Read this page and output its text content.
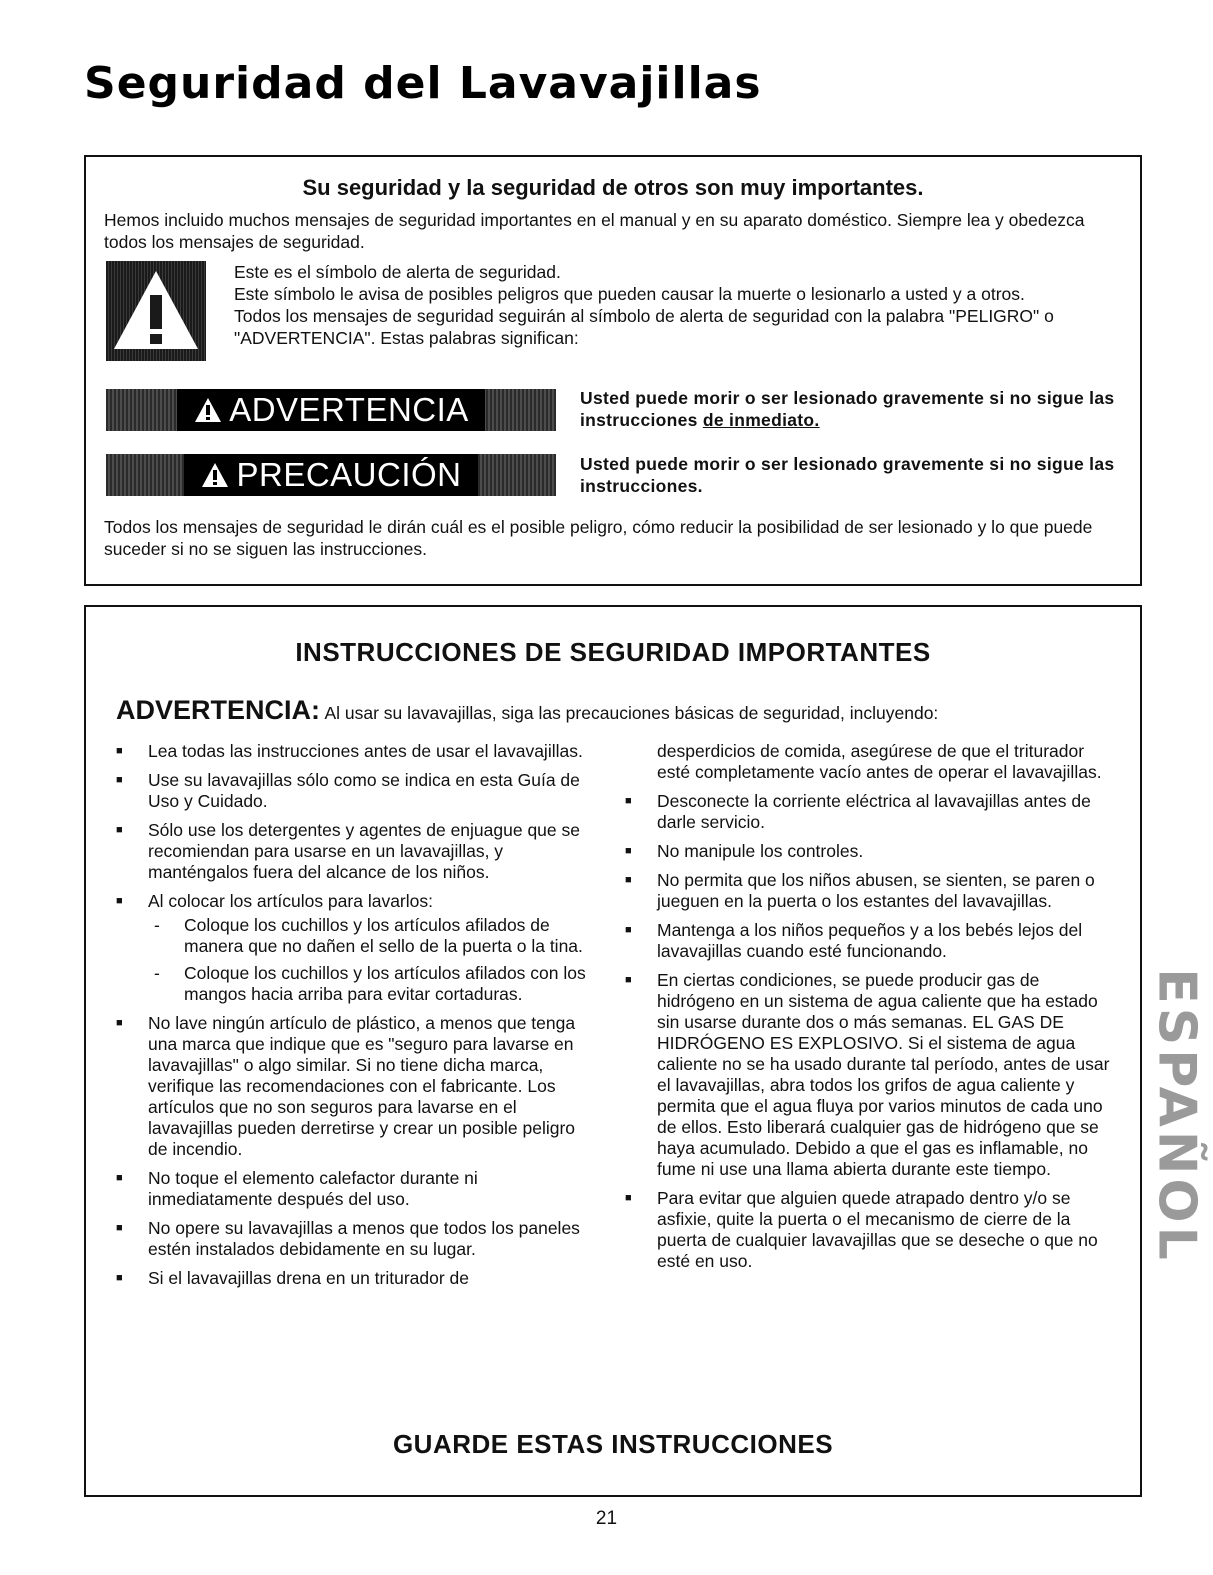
Seguridad del Lavavajillas
Su seguridad y la seguridad de otros son muy importantes.
Hemos incluido muchos mensajes de seguridad importantes en el manual y en su aparato doméstico. Siempre lea y obedezca todos los mensajes de seguridad.
Este es el símbolo de alerta de seguridad.
Este símbolo le avisa de posibles peligros que pueden causar la muerte o lesionarlo a usted y a otros.
Todos los mensajes de seguridad seguirán al símbolo de alerta de seguridad con la palabra "PELIGRO" o "ADVERTENCIA". Estas palabras significan:
ADVERTENCIA	Usted puede morir o ser lesionado gravemente si no sigue las instrucciones de inmediato.
PRECAUCIÓN	Usted puede morir o ser lesionado gravemente si no sigue las instrucciones.
Todos los mensajes de seguridad le dirán cuál es el posible peligro, cómo reducir la posibilidad de ser lesionado y lo que puede suceder si no se siguen las instrucciones.
INSTRUCCIONES DE SEGURIDAD IMPORTANTES
ADVERTENCIA: Al usar su lavavajillas, siga las precauciones básicas de seguridad, incluyendo:
■ Lea todas las instrucciones antes de usar el lavavajillas.
■ Use su lavavajillas sólo como se indica en esta Guía de Uso y Cuidado.
■ Sólo use los detergentes y agentes de enjuague que se recomiendan para usarse en un lavavajillas, y manténgalos fuera del alcance de los niños.
■ Al colocar los artículos para lavarlos:
- Coloque los cuchillos y los artículos afilados de manera que no dañen el sello de la puerta o la tina.
- Coloque los cuchillos y los artículos afilados con los mangos hacia arriba para evitar cortaduras.
■ No lave ningún artículo de plástico, a menos que tenga una marca que indique que es "seguro para lavarse en lavavajillas" o algo similar. Si no tiene dicha marca, verifique las recomendaciones con el fabricante. Los artículos que no son seguros para lavarse en el lavavajillas pueden derretirse y crear un posible peligro de incendio.
■ No toque el elemento calefactor durante ni inmediatamente después del uso.
■ No opere su lavavajillas a menos que todos los paneles estén instalados debidamente en su lugar.
■ Si el lavavajillas drena en un triturador de
desperdicios de comida, asegúrese de que el triturador esté completamente vacío antes de operar el lavavajillas.
■ Desconecte la corriente eléctrica al lavavajillas antes de darle servicio.
■ No manipule los controles.
■ No permita que los niños abusen, se sienten, se paren o jueguen en la puerta o los estantes del lavavajillas.
■ Mantenga a los niños pequeños y a los bebés lejos del lavavajillas cuando esté funcionando.
■ En ciertas condiciones, se puede producir gas de hidrógeno en un sistema de agua caliente que ha estado sin usarse durante dos o más semanas. EL GAS DE HIDRÓGENO ES EXPLOSIVO. Si el sistema de agua caliente no se ha usado durante tal período, antes de usar el lavavajillas, abra todos los grifos de agua caliente y permita que el agua fluya por varios minutos de cada uno de ellos. Esto liberará cualquier gas de hidrógeno que se haya acumulado. Debido a que el gas es inflamable, no fume ni use una llama abierta durante este tiempo.
■ Para evitar que alguien quede atrapado dentro y/o se asfixie, quite la puerta o el mecanismo de cierre de la puerta de cualquier lavavajillas que se deseche o que no esté en uso.
GUARDE ESTAS INSTRUCCIONES
ESPAÑOL
21
